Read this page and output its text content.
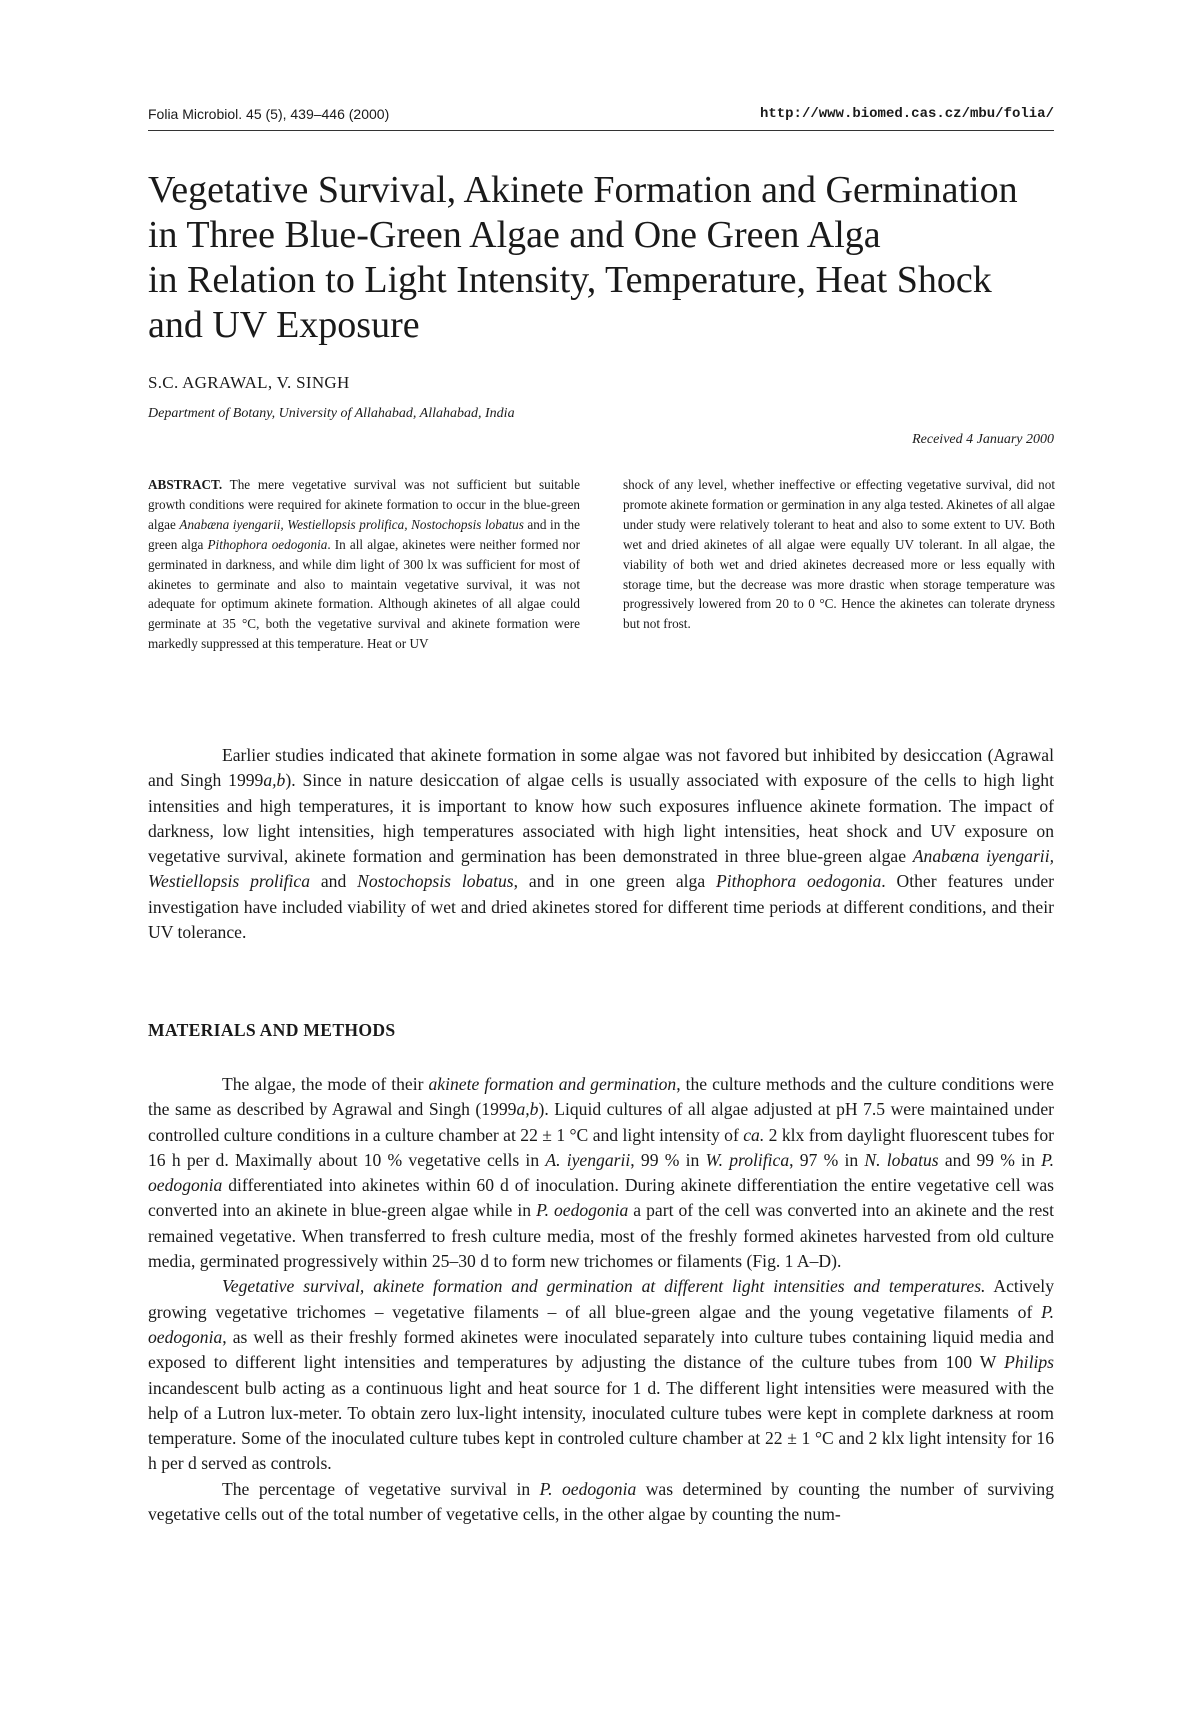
Folia Microbiol. 45 (5), 439–446 (2000)	http://www.biomed.cas.cz/mbu/folia/
Vegetative Survival, Akinete Formation and Germination
in Three Blue-Green Algae and One Green Alga
in Relation to Light Intensity, Temperature, Heat Shock
and UV Exposure
S.C. AGRAWAL, V. SINGH
Department of Botany, University of Allahabad, Allahabad, India
Received 4 January 2000

ABSTRACT. The mere vegetative survival was not sufficient but suitable growth conditions were required for akinete formation to occur in the blue-green algae Anabæna iyengarii, Westiellopsis prolifica, Nostochopsis lobatus and in the green alga Pithophora oedogonia. In all algae, akinetes were neither formed nor germinated in darkness, and while dim light of 300 lx was sufficient for most of akinetes to germinate and also to maintain vegetative survival, it was not adequate for optimum akinete formation. Although akinetes of all algae could germinate at 35 °C, both the vegetative survival and akinete formation were markedly suppressed at this temperature. Heat or UV

shock of any level, whether ineffective or effecting vegetative survival, did not promote akinete formation or germination in any alga tested. Akinetes of all algae under study were relatively tolerant to heat and also to some extent to UV. Both wet and dried akinetes of all algae were equally UV tolerant. In all algae, the viability of both wet and dried akinetes decreased more or less equally with storage time, but the decrease was more drastic when storage temperature was progressively lowered from 20 to 0 °C. Hence the akinetes can tolerate dryness but not frost.

Earlier studies indicated that akinete formation in some algae was not favored but inhibited by desiccation (Agrawal and Singh 1999a,b). Since in nature desiccation of algae cells is usually associated with exposure of the cells to high light intensities and high temperatures, it is important to know how such exposures influence akinete formation. The impact of darkness, low light intensities, high temperatures associated with high light intensities, heat shock and UV exposure on vegetative survival, akinete formation and germination has been demonstrated in three blue-green algae Anabæna iyengarii, Westiellopsis prolifica and Nostochopsis lobatus, and in one green alga Pithophora oedogonia. Other features under investigation have included viability of wet and dried akinetes stored for different time periods at different conditions, and their UV tolerance.

MATERIALS AND METHODS

The algae, the mode of their akinete formation and germination, the culture methods and the culture conditions were the same as described by Agrawal and Singh (1999a,b). Liquid cultures of all algae adjusted at pH 7.5 were maintained under controlled culture conditions in a culture chamber at 22 ± 1 °C and light intensity of ca. 2 klx from daylight fluorescent tubes for 16 h per d. Maximally about 10 % vegetative cells in A. iyengarii, 99 % in W. prolifica, 97 % in N. lobatus and 99 % in P. oedogonia differentiated into akinetes within 60 d of inoculation. During akinete differentiation the entire vegetative cell was converted into an akinete in blue-green algae while in P. oedogonia a part of the cell was converted into an akinete and the rest remained vegetative. When transferred to fresh culture media, most of the freshly formed akinetes harvested from old culture media, germinated progressively within 25–30 d to form new trichomes or filaments (Fig. 1 A–D).

Vegetative survival, akinete formation and germination at different light intensities and temperatures. Actively growing vegetative trichomes – vegetative filaments – of all blue-green algae and the young vegetative filaments of P. oedogonia, as well as their freshly formed akinetes were inoculated separately into culture tubes containing liquid media and exposed to different light intensities and temperatures by adjusting the distance of the culture tubes from 100 W Philips incandescent bulb acting as a continuous light and heat source for 1 d. The different light intensities were measured with the help of a Lutron lux-meter. To obtain zero lux-light intensity, inoculated culture tubes were kept in complete darkness at room temperature. Some of the inoculated culture tubes kept in controled culture chamber at 22 ± 1 °C and 2 klx light intensity for 16 h per d served as controls.

The percentage of vegetative survival in P. oedogonia was determined by counting the number of surviving vegetative cells out of the total number of vegetative cells, in the other algae by counting the num-
